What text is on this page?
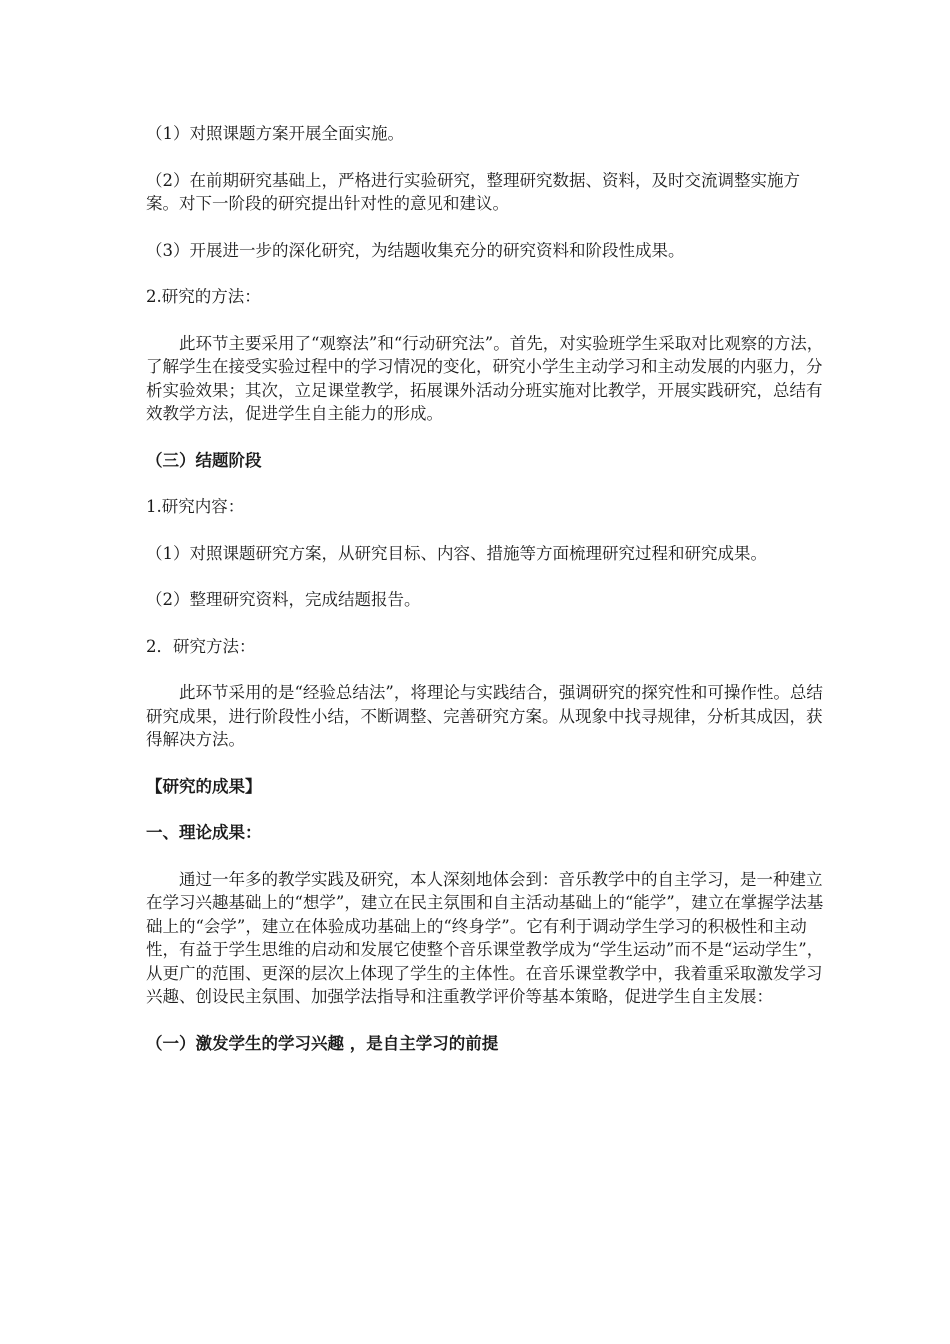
（1）对照课题方案开展全面实施。

（2）在前期研究基础上，严格进行实验研究，整理研究数据、资料，及时交流调整实施方案。对下一阶段的研究提出针对性的意见和建议。

（3）开展进一步的深化研究，为结题收集充分的研究资料和阶段性成果。

2.研究的方法：

此环节主要采用了“观察法”和“行动研究法”。首先，对实验班学生采取对比观察的方法，了解学生在接受实验过程中的学习情况的变化，研究小学生主动学习和主动发展的内驱力，分析实验效果；其次，立足课堂教学，拓展课外活动分班实施对比教学，开展实践研究，总结有效教学方法，促进学生自主能力的形成。

（三）结题阶段

1.研究内容：

（1）对照课题研究方案，从研究目标、内容、措施等方面梳理研究过程和研究成果。

（2）整理研究资料，完成结题报告。

2．研究方法：

此环节采用的是“经验总结法”，将理论与实践结合，强调研究的探究性和可操作性。总结研究成果，进行阶段性小结，不断调整、完善研究方案。从现象中找寻规律，分析其成因，获得解决方法。

【研究的成果】

一、理论成果：

通过一年多的教学实践及研究，本人深刻地体会到：音乐教学中的自主学习，是一种建立在学习兴趣基础上的“想学”，建立在民主氛围和自主活动基础上的“能学”，建立在掌握学法基础上的“会学”，建立在体验成功基础上的“终身学”。它有利于调动学生学习的积极性和主动性，有益于学生思维的启动和发展它使整个音乐课堂教学成为“学生运动”而不是“运动学生”，从更广的范围、更深的层次上体现了学生的主体性。在音乐课堂教学中，我着重采取激发学习兴趣、创设民主氛围、加强学法指导和注重教学评价等基本策略，促进学生自主发展：

（一）激发学生的学习兴趣 ，是自主学习的前提
